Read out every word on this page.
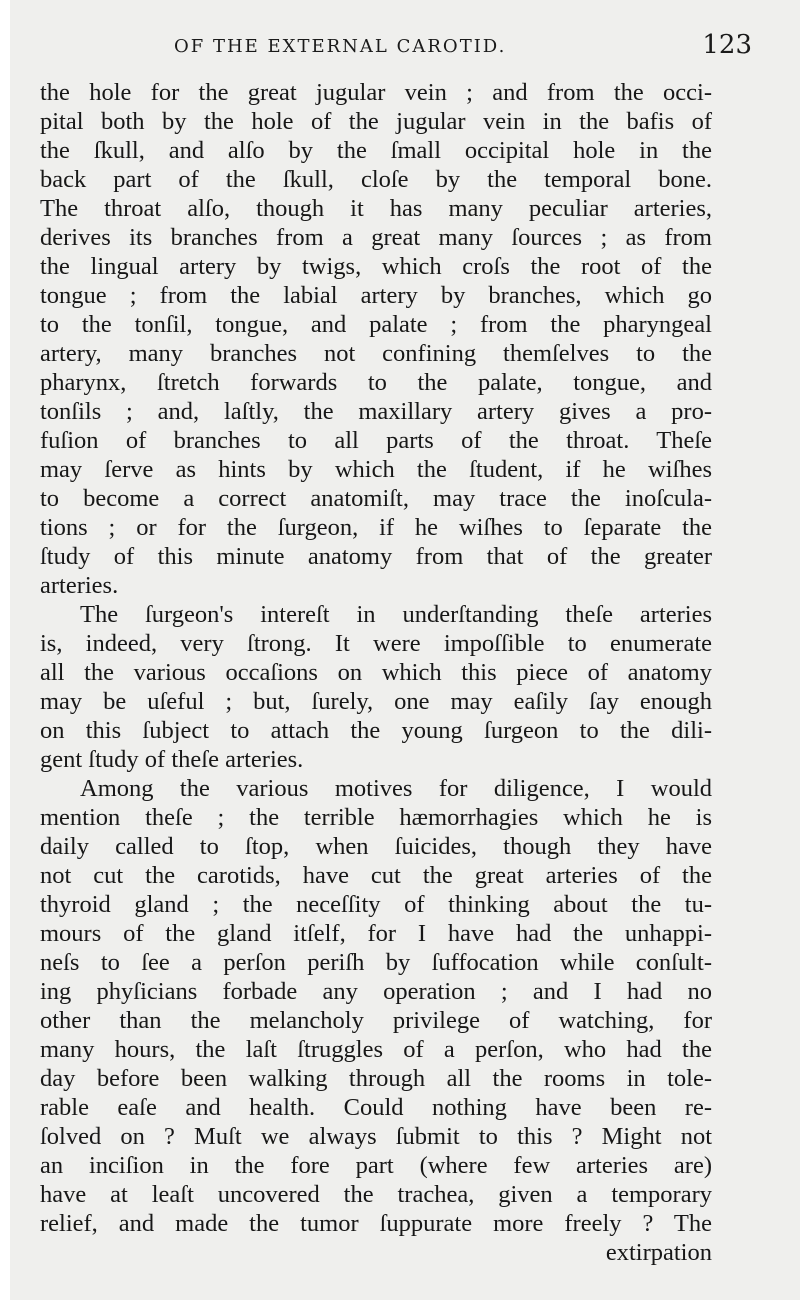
OF THE EXTERNAL CAROTID.	123
the hole for the great jugular vein ; and from the occi-
pital both by the hole of the jugular vein in the bafis of
the ſkull, and alſo by the ſmall occipital hole in the
back part of the ſkull, cloſe by the temporal bone.
The throat alſo, though it has many peculiar arteries,
derives its branches from a great many ſources ; as from
the lingual artery by twigs, which croſs the root of the
tongue ; from the labial artery by branches, which go
to the tonſil, tongue, and palate ; from the pharyngeal
artery, many branches not confining themſelves to the
pharynx, ſtretch forwards to the palate, tongue, and
tonſils ; and, laſtly, the maxillary artery gives a pro-
fuſion of branches to all parts of the throat. Theſe
may ſerve as hints by which the ſtudent, if he wiſhes
to become a correct anatomiſt, may trace the inoſcula-
tions ; or for the ſurgeon, if he wiſhes to ſeparate the
ſtudy of this minute anatomy from that of the greater
arteries.
The ſurgeon's intereſt in underſtanding theſe arteries
is, indeed, very ſtrong. It were impoſſible to enumerate
all the various occaſions on which this piece of anatomy
may be uſeful ; but, ſurely, one may eaſily ſay enough
on this ſubject to attach the young ſurgeon to the dili-
gent ſtudy of theſe arteries.
Among the various motives for diligence, I would
mention theſe ; the terrible hæmorrhagies which he is
daily called to ſtop, when ſuicides, though they have
not cut the carotids, have cut the great arteries of the
thyroid gland ; the neceſſity of thinking about the tu-
mours of the gland itſelf, for I have had the unhappi-
neſs to ſee a perſon periſh by ſuffocation while conſult-
ing phyſicians forbade any operation ; and I had no
other than the melancholy privilege of watching, for
many hours, the laſt ſtruggles of a perſon, who had the
day before been walking through all the rooms in tole-
rable eaſe and health. Could nothing have been re-
ſolved on ? Muſt we always ſubmit to this ? Might not
an inciſion in the fore part (where few arteries are)
have at leaſt uncovered the trachea, given a temporary
relief, and made the tumor ſuppurate more freely ? The
extirpation
